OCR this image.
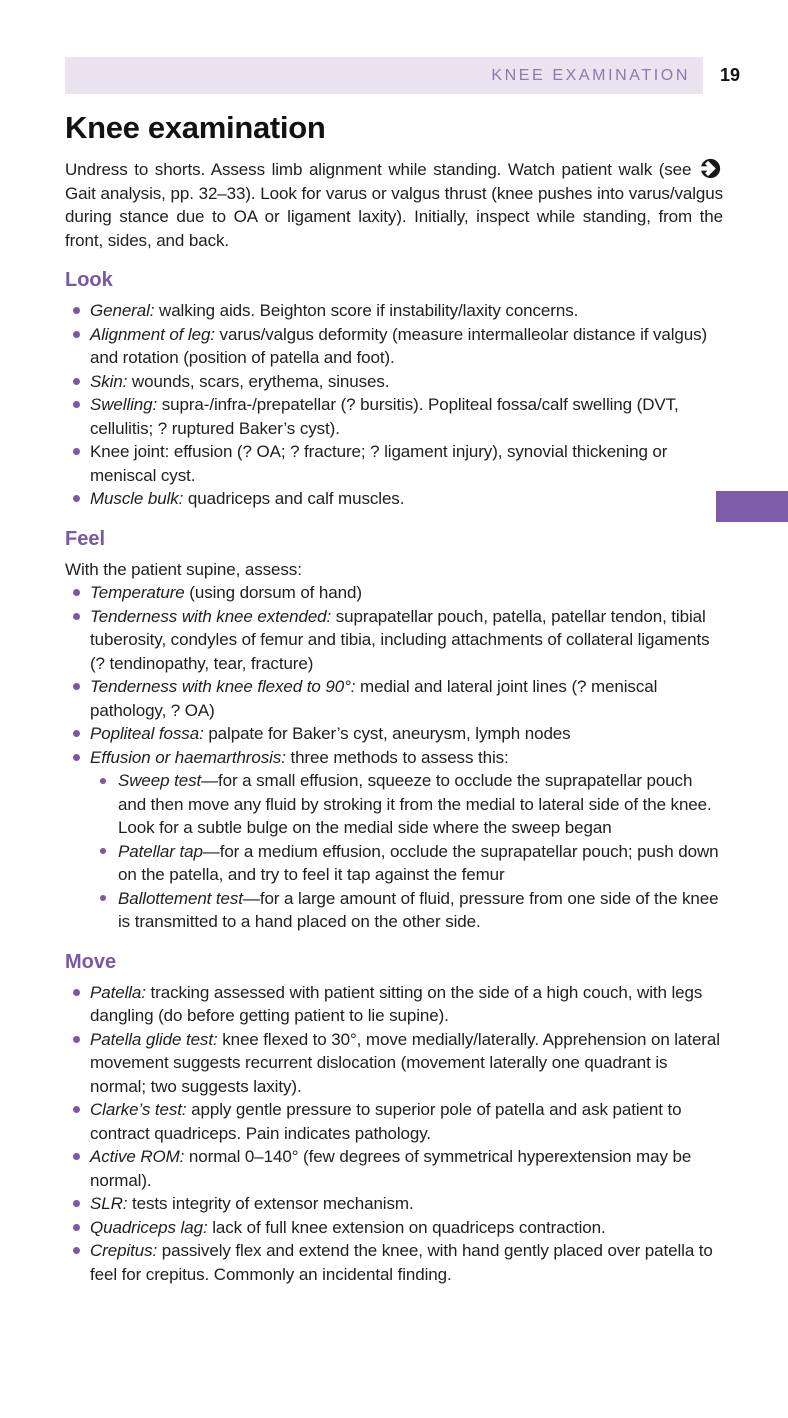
KNEE EXAMINATION 19
Knee examination

Undress to shorts. Assess limb alignment while standing. Watch patient walk (see  Gait analysis, pp. 32–33). Look for varus or valgus thrust (knee pushes into varus/valgus during stance due to OA or ligament laxity). Initially, inspect while standing, from the front, sides, and back.

Look
General: walking aids. Beighton score if instability/laxity concerns.
Alignment of leg: varus/valgus deformity (measure intermalleolar distance if valgus) and rotation (position of patella and foot).
Skin: wounds, scars, erythema, sinuses.
Swelling: supra-/infra-/prepatellar (? bursitis). Popliteal fossa/calf swelling (DVT, cellulitis; ? ruptured Baker’s cyst).
Knee joint: effusion (? OA; ? fracture; ? ligament injury), synovial thickening or meniscal cyst.
Muscle bulk: quadriceps and calf muscles.
Feel

With the patient supine, assess:

Temperature (using dorsum of hand)
Tenderness with knee extended: suprapatellar pouch, patella, patellar tendon, tibial tuberosity, condyles of femur and tibia, including attachments of collateral ligaments (? tendinopathy, tear, fracture)
Tenderness with knee flexed to 90°: medial and lateral joint lines (? meniscal pathology, ? OA)
Popliteal fossa: palpate for Baker’s cyst, aneurysm, lymph nodes
Effusion or haemarthrosis: three methods to assess this:
Sweep test—for a small effusion, squeeze to occlude the suprapatellar pouch and then move any fluid by stroking it from the medial to lateral side of the knee. Look for a subtle bulge on the medial side where the sweep began
Patellar tap—for a medium effusion, occlude the suprapatellar pouch; push down on the patella, and try to feel it tap against the femur
Ballottement test—for a large amount of fluid, pressure from one side of the knee is transmitted to a hand placed on the other side.
Move
Patella: tracking assessed with patient sitting on the side of a high couch, with legs dangling (do before getting patient to lie supine).
Patella glide test: knee flexed to 30°, move medially/laterally. Apprehension on lateral movement suggests recurrent dislocation (movement laterally one quadrant is normal; two suggests laxity).
Clarke’s test: apply gentle pressure to superior pole of patella and ask patient to contract quadriceps. Pain indicates pathology.
Active ROM: normal 0–140° (few degrees of symmetrical hyperextension may be normal).
SLR: tests integrity of extensor mechanism.
Quadriceps lag: lack of full knee extension on quadriceps contraction.
Crepitus: passively flex and extend the knee, with hand gently placed over patella to feel for crepitus. Commonly an incidental finding.
